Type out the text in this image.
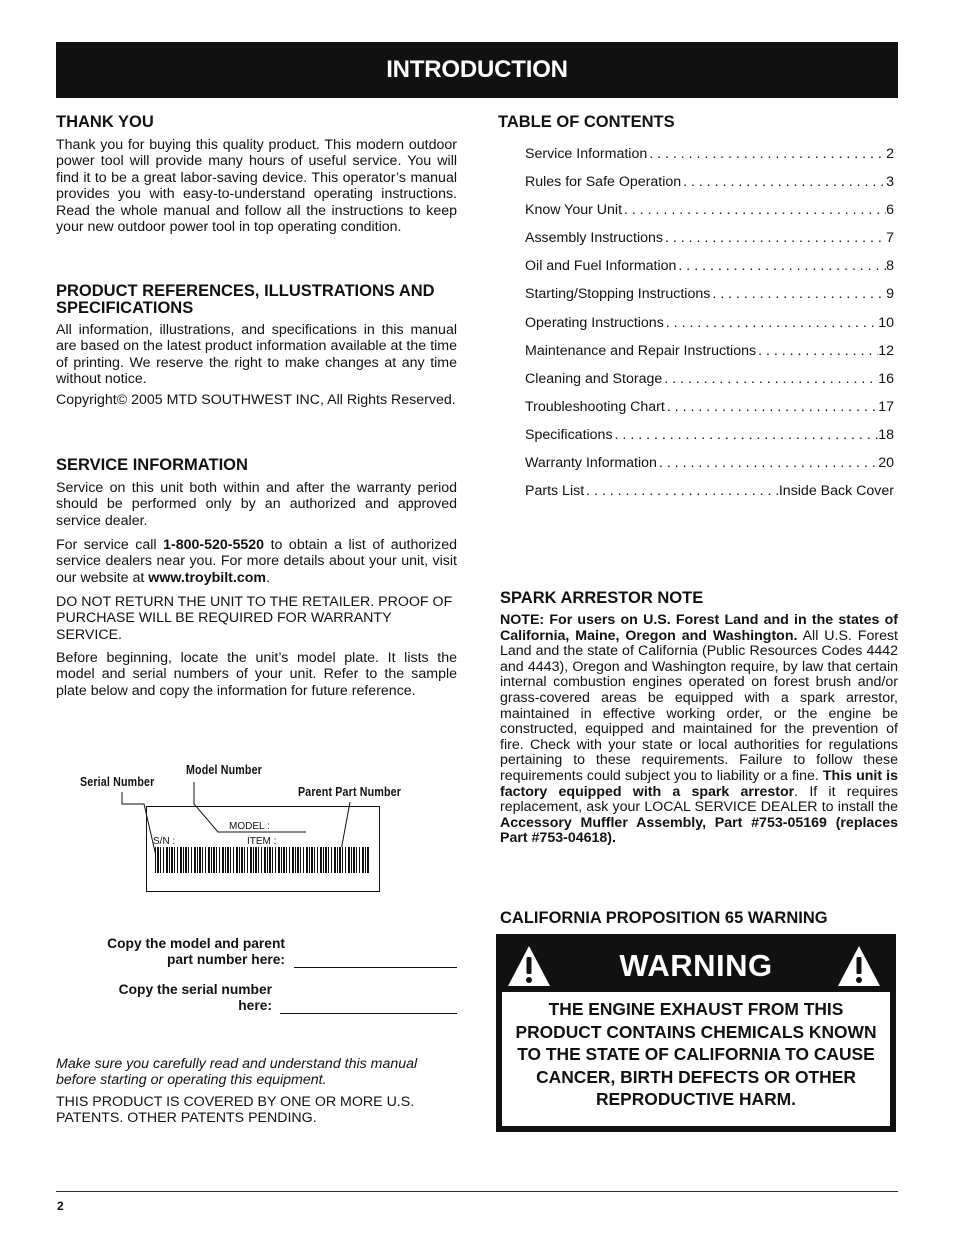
INTRODUCTION
THANK YOU

Thank you for buying this quality product. This modern outdoor power tool will provide many hours of useful service. You will find it to be a great labor-saving device. This operator’s manual provides you with easy-to-understand operating instructions. Read the whole manual and follow all the instructions to keep your new outdoor power tool in top operating condition.

PRODUCT REFERENCES, ILLUSTRATIONS AND SPECIFICATIONS

All information, illustrations, and specifications in this manual are based on the latest product information available at the time of printing. We reserve the right to make changes at any time without notice.

Copyright© 2005 MTD SOUTHWEST INC, All Rights Reserved.

SERVICE INFORMATION

Service on this unit both within and after the warranty period should be performed only by an authorized and approved service dealer.

For service call 1-800-520-5520 to obtain a list of authorized service dealers near you. For more details about your unit, visit our website at www.troybilt.com.

DO NOT RETURN THE UNIT TO THE RETAILER. PROOF OF PURCHASE WILL BE REQUIRED FOR WARRANTY SERVICE.

Before beginning, locate the unit’s model plate. It lists the model and serial numbers of your unit. Refer to the sample plate below and copy the information for future reference.

Serial Number
Model Number
Parent Part Number
MODEL :
S/N :	ITEM :
Copy the model and parent
part number here:
Copy the serial number
here:

Make sure you carefully read and understand this manual before starting or operating this equipment.

THIS PRODUCT IS COVERED BY ONE OR MORE U.S. PATENTS. OTHER PATENTS PENDING.

TABLE OF CONTENTS
Service Information . . .	2
Rules for Safe Operation . . .	3
Know Your Unit . . .	6
Assembly Instructions . . .	7
Oil and Fuel Information . . .	8
Starting/Stopping Instructions . . .	9
Operating Instructions . . .	10
Maintenance and Repair Instructions . . .	12
Cleaning and Storage . . .	16
Troubleshooting Chart . . .	17
Specifications . . .	18
Warranty Information . . .	20
Parts List . . .	Inside Back Cover
SPARK ARRESTOR NOTE

NOTE: For users on U.S. Forest Land and in the states of California, Maine, Oregon and Washington. All U.S. Forest Land and the state of California (Public Resources Codes 4442 and 4443), Oregon and Washington require, by law that certain internal combustion engines operated on forest brush and/or grass-covered areas be equipped with a spark arrestor, maintained in effective working order, or the engine be constructed, equipped and maintained for the prevention of fire. Check with your state or local authorities for regulations pertaining to these requirements. Failure to follow these requirements could subject you to liability or a fine. This unit is factory equipped with a spark arrestor. If it requires replacement, ask your LOCAL SERVICE DEALER to install the Accessory Muffler Assembly, Part #753-05169 (replaces Part #753-04618).

CALIFORNIA PROPOSITION 65 WARNING
WARNING
THE ENGINE EXHAUST FROM THIS PRODUCT CONTAINS CHEMICALS KNOWN TO THE STATE OF CALIFORNIA TO CAUSE CANCER, BIRTH DEFECTS OR OTHER REPRODUCTIVE HARM.
2
